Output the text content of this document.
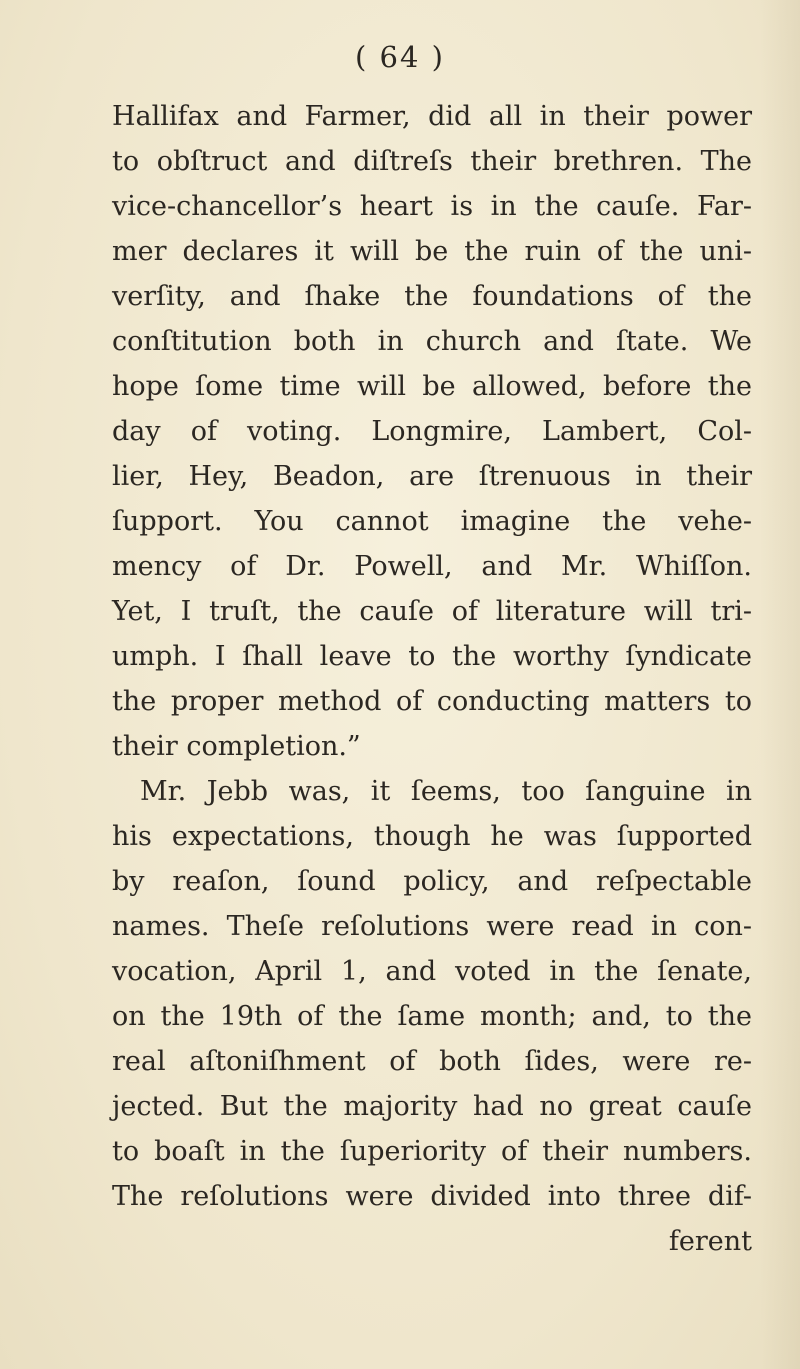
( 64 )
Hallifax and Farmer, did all in their power
to obſtruct and diſtreſs their brethren. The
vice-chancellor’s heart is in the cauſe. Far-
mer declares it will be the ruin of the uni-
verſity, and ſhake the foundations of the
conſtitution both in church and ſtate. We
hope ſome time will be allowed, before the
day of voting. Longmire, Lambert, Col-
lier, Hey, Beadon, are ſtrenuous in their
ſupport. You cannot imagine the vehe-
mency of Dr. Powell, and Mr. Whiſſon.
Yet, I truſt, the cauſe of literature will tri-
umph. I ſhall leave to the worthy ſyndicate
the proper method of conducting matters to
their completion.”
Mr. Jebb was, it ſeems, too ſanguine in
his expectations, though he was ſupported
by reaſon, ſound policy, and reſpectable
names. Theſe reſolutions were read in con-
vocation, April 1, and voted in the ſenate,
on the 19th of the ſame month; and, to the
real aſtoniſhment of both ſides, were re-
jected. But the majority had no great cauſe
to boaſt in the ſuperiority of their numbers.
The reſolutions were divided into three dif-
ferent
